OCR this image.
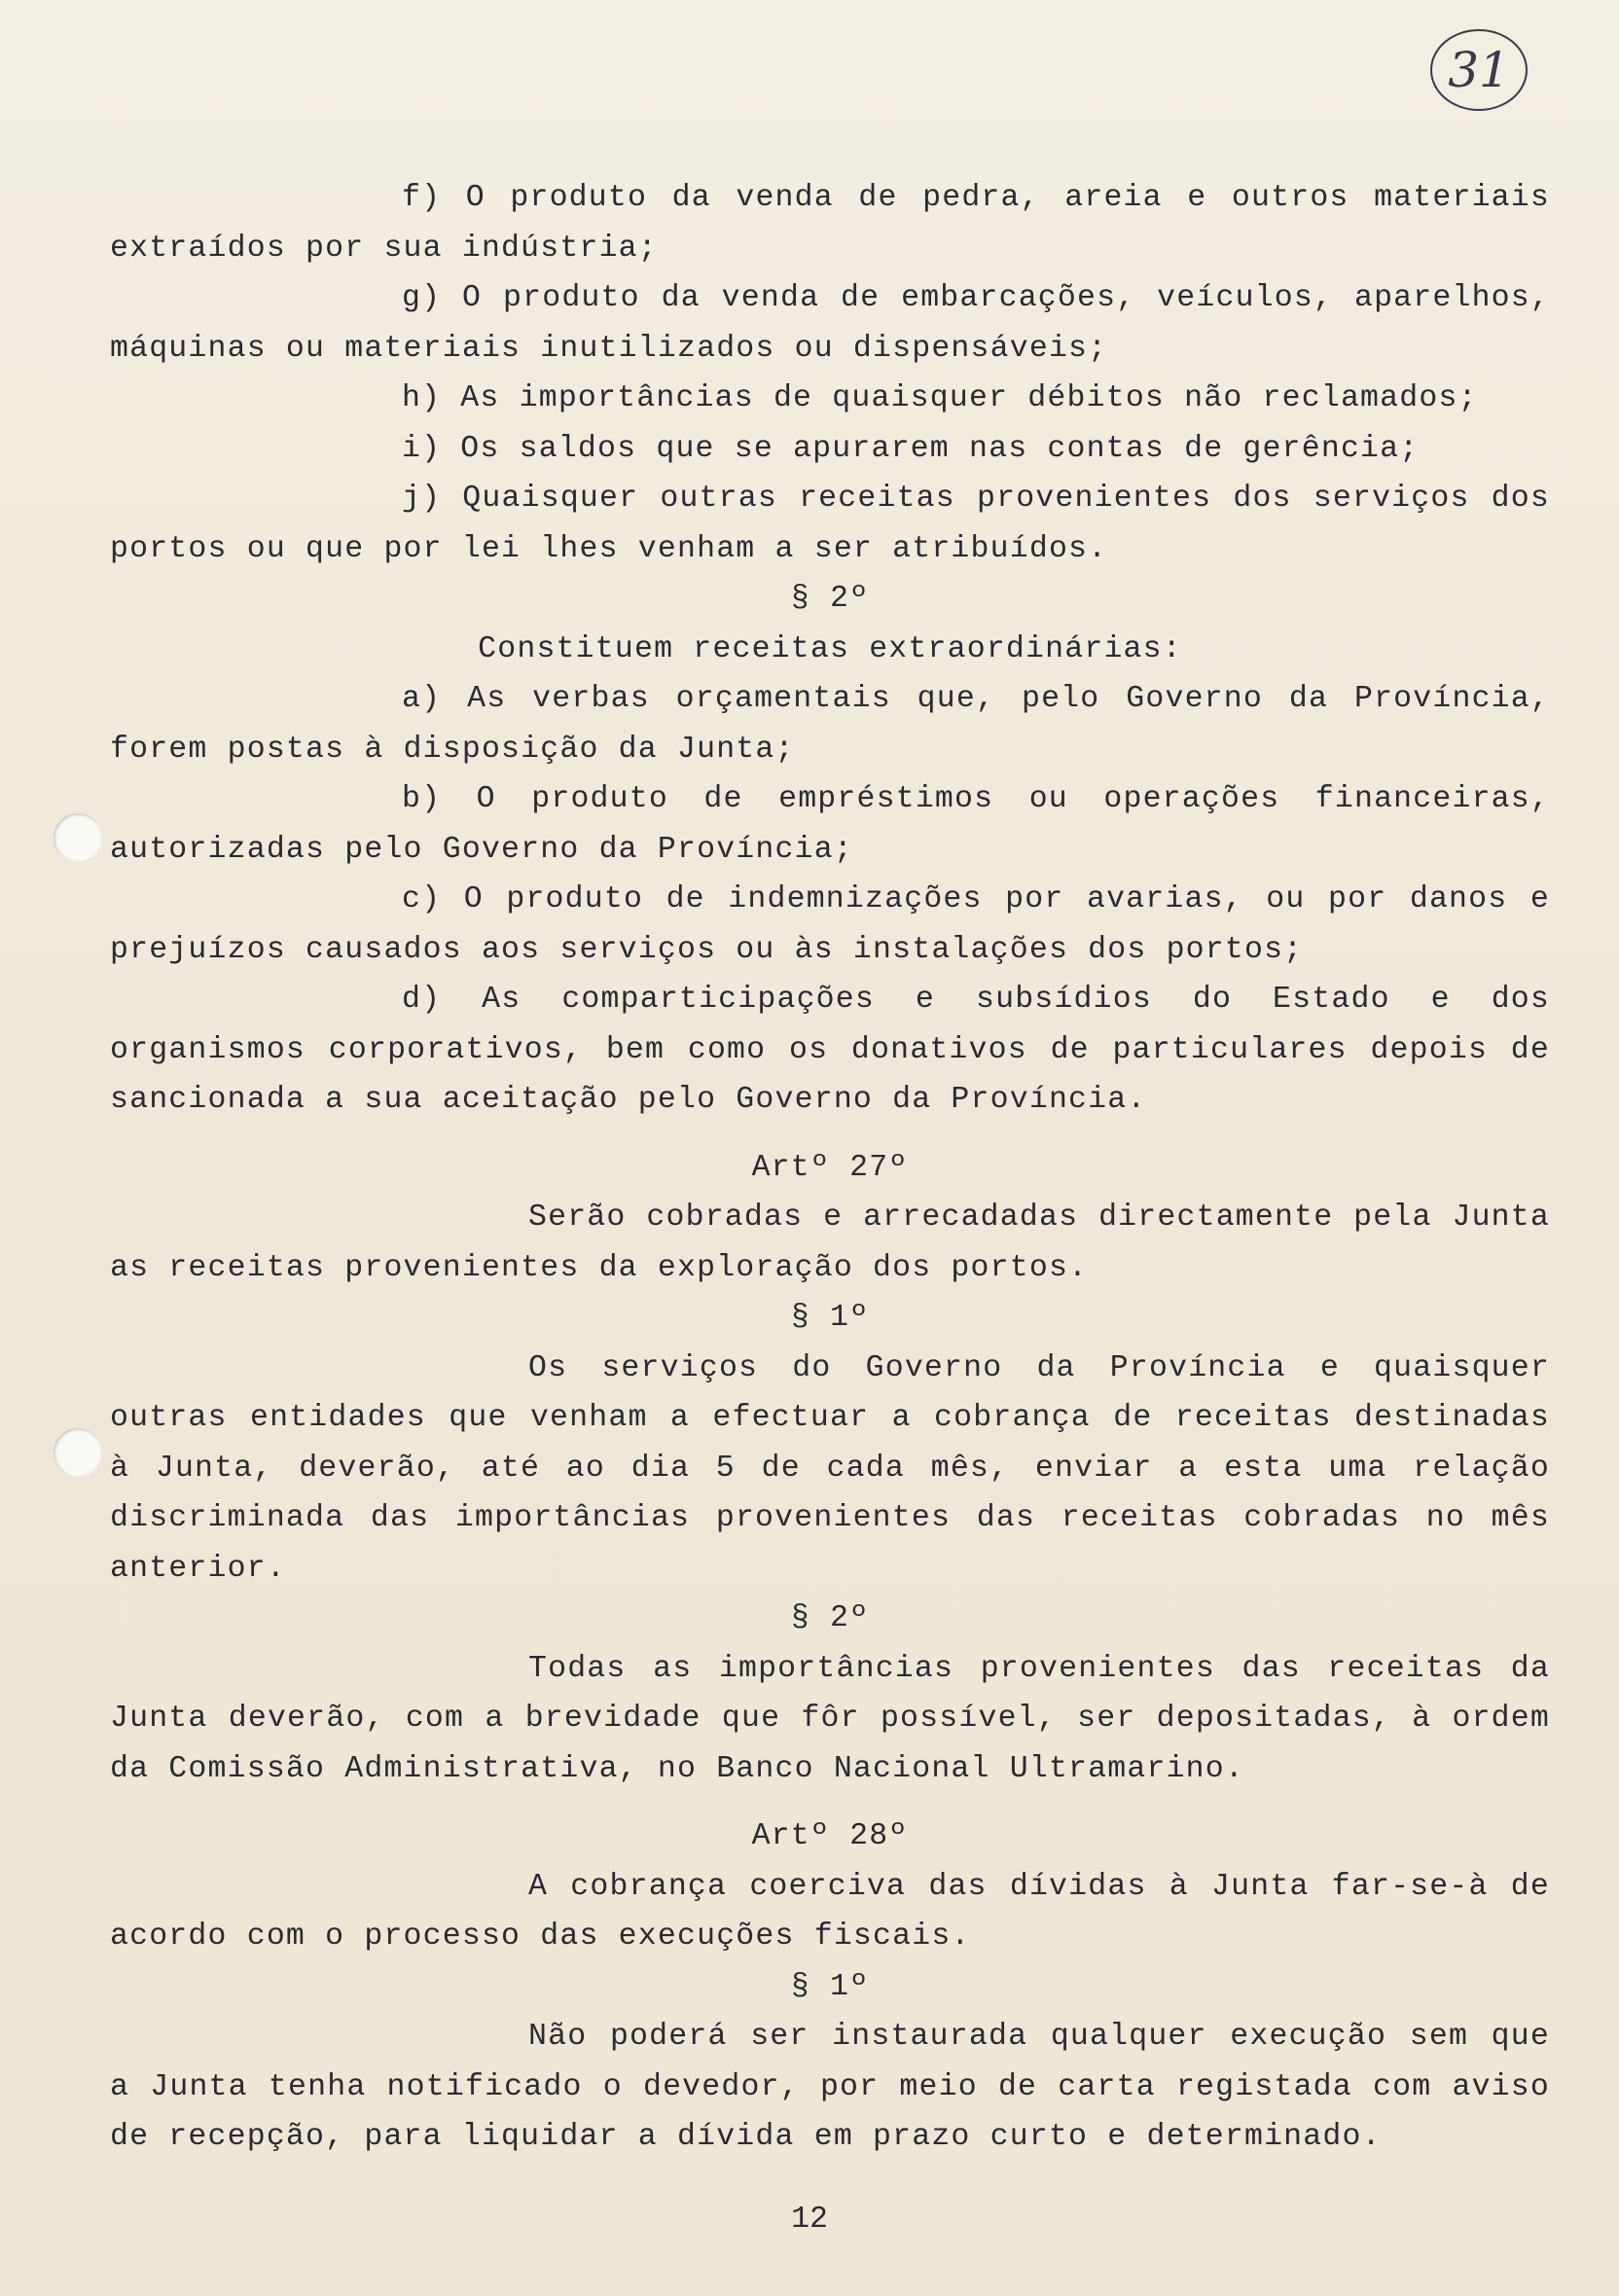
31

f) O produto da venda de pedra, areia e outros materiais extraídos por sua indústria;

g) O produto da venda de embarcações, veículos, aparelhos, máquinas ou materiais inutilizados ou dispensáveis;

h) As importâncias de quaisquer débitos não reclamados;

i) Os saldos que se apurarem nas contas de gerência;

j) Quaisquer outras receitas provenientes dos serviços dos portos ou que por lei lhes venham a ser atribuídos.

§ 2º

Constituem receitas extraordinárias:

a) As verbas orçamentais que, pelo Governo da Província, forem postas à disposição da Junta;

b) O produto de empréstimos ou operações financeiras, autorizadas pelo Governo da Província;

c) O produto de indemnizações por avarias, ou por danos e prejuízos causados aos serviços ou às instalações dos portos;

d) As comparticipações e subsídios do Estado e dos organismos corporativos, bem como os donativos de particulares depois de sancionada a sua aceitação pelo Governo da Província.

Artº 27º

Serão cobradas e arrecadadas directamente pela Junta as receitas provenientes da exploração dos portos.

§ 1º

Os serviços do Governo da Província e quaisquer outras entidades que venham a efectuar a cobrança de receitas destinadas à Junta, deverão, até ao dia 5 de cada mês, enviar a esta uma relação discriminada das importâncias provenientes das receitas cobradas no mês anterior.

§ 2º

Todas as importâncias provenientes das receitas da Junta deverão, com a brevidade que fôr possível, ser depositadas, à ordem da Comissão Administrativa, no Banco Nacional Ultramarino.

Artº 28º

A cobrança coerciva das dívidas à Junta far-se-à de acordo com o processo das execuções fiscais.

§ 1º

Não poderá ser instaurada qualquer execução sem que a Junta tenha notificado o devedor, por meio de carta registada com aviso de recepção, para liquidar a dívida em prazo curto e determinado.

12
